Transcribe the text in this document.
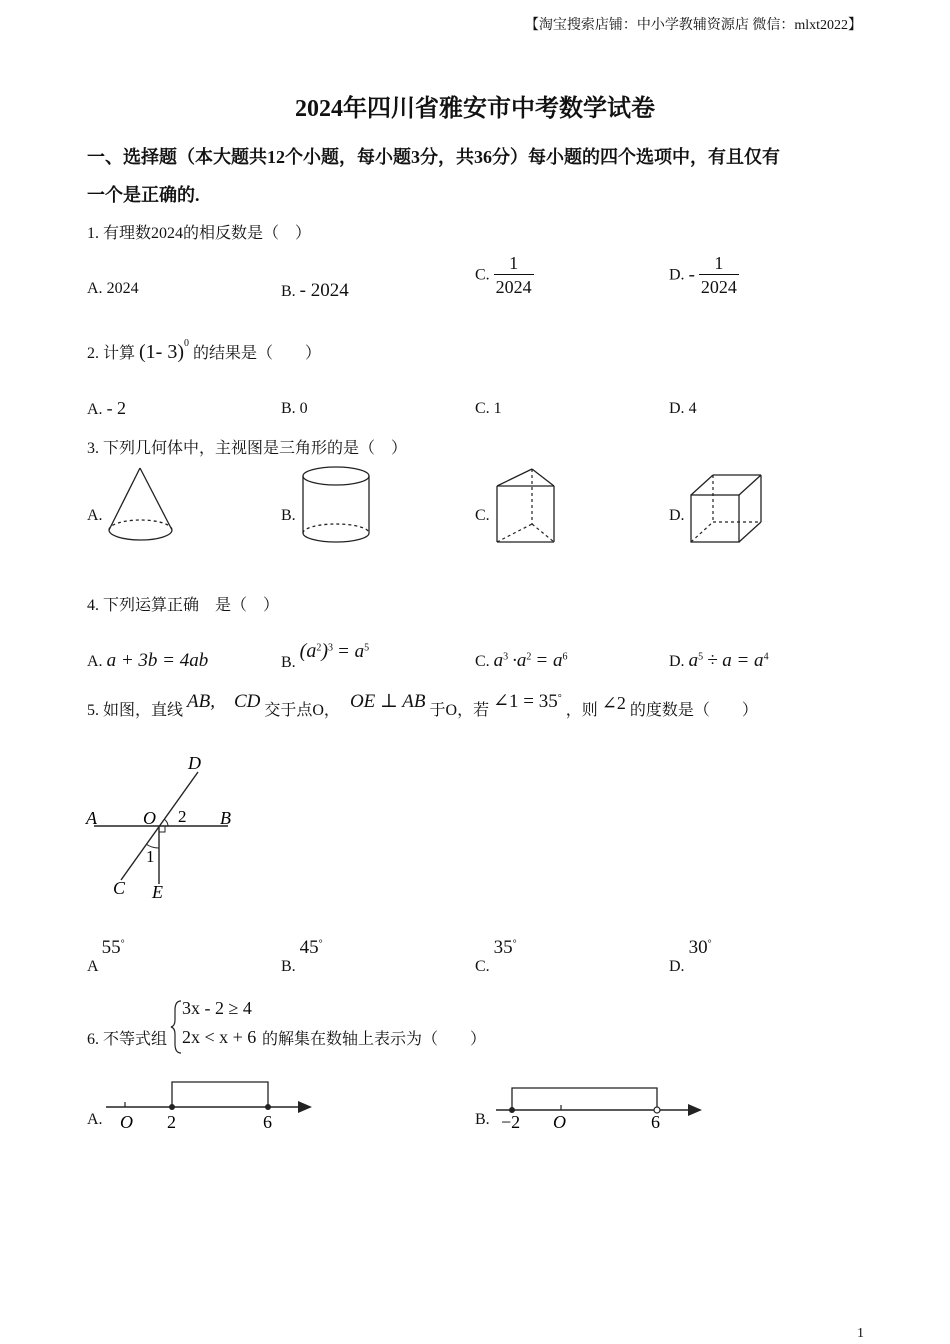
【淘宝搜索店铺：中小学教辅资源店 微信：mlxt2022】
2024年四川省雅安市中考数学试卷
一、选择题（本大题共12个小题，每小题3分，共36分）每小题的四个选项中，有且仅有
一个是正确的.
1. 有理数2024的相反数是（　）
A. 2024	B. - 2024
C. $\frac{1}{2024}$	D. - $\frac{1}{2024}$
2. 计算 (1- 3)$^0$ 的结果是（　　）
A. - 2	B. 0	C. 1	D. 4
3. 下列几何体中，主视图是三角形的是（　）
A.	B.	C.	D.
4. 下列运算正确　是（　）
A. a + 3b = 4ab	B. $(a^2)^3 = a^5$
C. $a^3 \cdot a^2 = a^6$	D. $a^5 \div a = a^4$
5. 如图，直线 AB,　CD 交于点O， OE ⊥ AB 于O，若 ∠1 = 35° ，则 ∠2 的度数是（　　）
D
A	O 2 B
1
C E
A 55°
B. 45°
C. 35°
D. 30°
6. 不等式组
3x - 2 ≥ 4
2x < x + 6 的解集在数轴上表示为（　　）
A. O 2	6	B. −2 O	6
1
